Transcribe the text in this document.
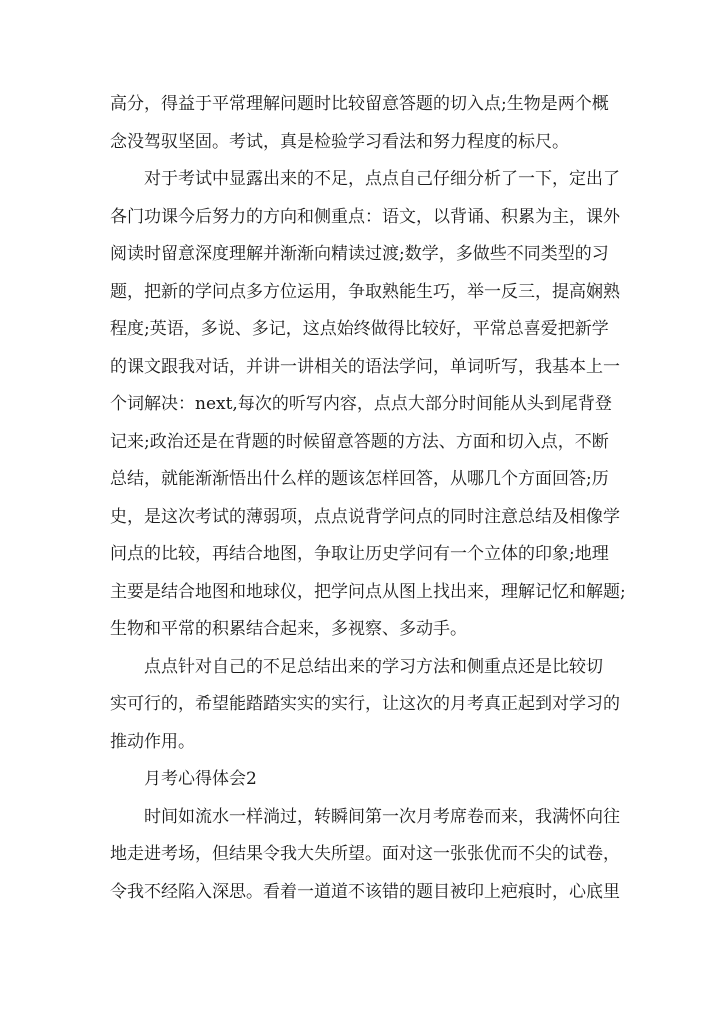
高分，得益于平常理解问题时比较留意答题的切入点;生物是两个概
念没驾驭坚固。考试，真是检验学习看法和努力程度的标尺。
对于考试中显露出来的不足，点点自己仔细分析了一下，定出了
各门功课今后努力的方向和侧重点：语文，以背诵、积累为主，课外
阅读时留意深度理解并渐渐向精读过渡;数学，多做些不同类型的习
题，把新的学问点多方位运用，争取熟能生巧，举一反三，提高娴熟
程度;英语，多说、多记，这点始终做得比较好，平常总喜爱把新学
的课文跟我对话，并讲一讲相关的语法学问，单词听写，我基本上一
个词解决：next,每次的听写内容，点点大部分时间能从头到尾背登
记来;政治还是在背题的时候留意答题的方法、方面和切入点，不断
总结，就能渐渐悟出什么样的题该怎样回答，从哪几个方面回答;历
史，是这次考试的薄弱项，点点说背学问点的同时注意总结及相像学
问点的比较，再结合地图，争取让历史学问有一个立体的印象;地理
主要是结合地图和地球仪，把学问点从图上找出来，理解记忆和解题;
生物和平常的积累结合起来，多视察、多动手。
点点针对自己的不足总结出来的学习方法和侧重点还是比较切
实可行的，希望能踏踏实实的实行，让这次的月考真正起到对学习的
推动作用。
月考心得体会2
时间如流水一样淌过，转瞬间第一次月考席卷而来，我满怀向往
地走进考场，但结果令我大失所望。面对这一张张优而不尖的试卷，
令我不经陷入深思。看着一道道不该错的题目被印上疤痕时，心底里
